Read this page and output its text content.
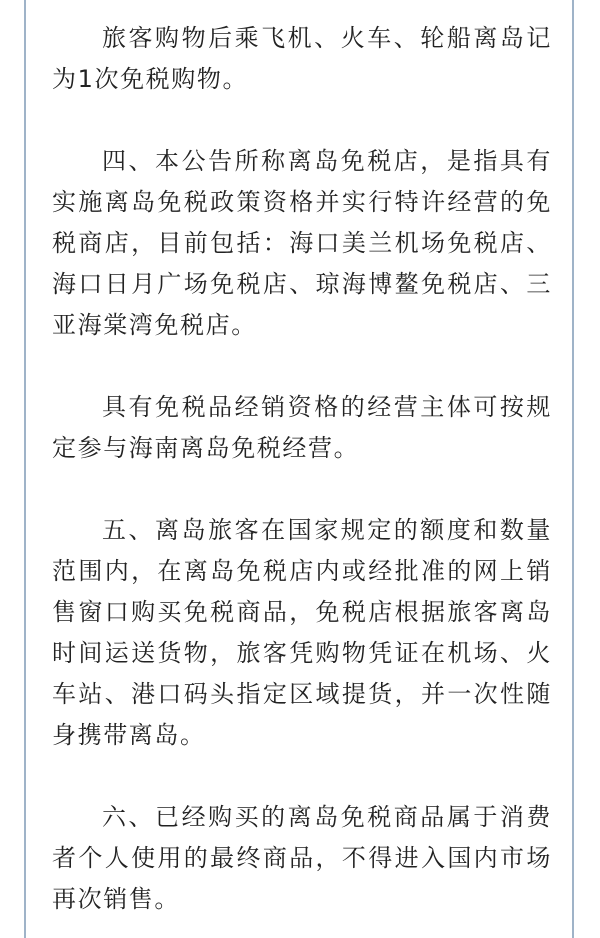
旅客购物后乘飞机、火车、轮船离岛记为1次免税购物。

四、本公告所称离岛免税店，是指具有实施离岛免税政策资格并实行特许经营的免税商店，目前包括：海口美兰机场免税店、海口日月广场免税店、琼海博鳌免税店、三亚海棠湾免税店。

具有免税品经销资格的经营主体可按规定参与海南离岛免税经营。

五、离岛旅客在国家规定的额度和数量范围内，在离岛免税店内或经批准的网上销售窗口购买免税商品，免税店根据旅客离岛时间运送货物，旅客凭购物凭证在机场、火车站、港口码头指定区域提货，并一次性随身携带离岛。

六、已经购买的离岛免税商品属于消费者个人使用的最终商品，不得进入国内市场再次销售。
